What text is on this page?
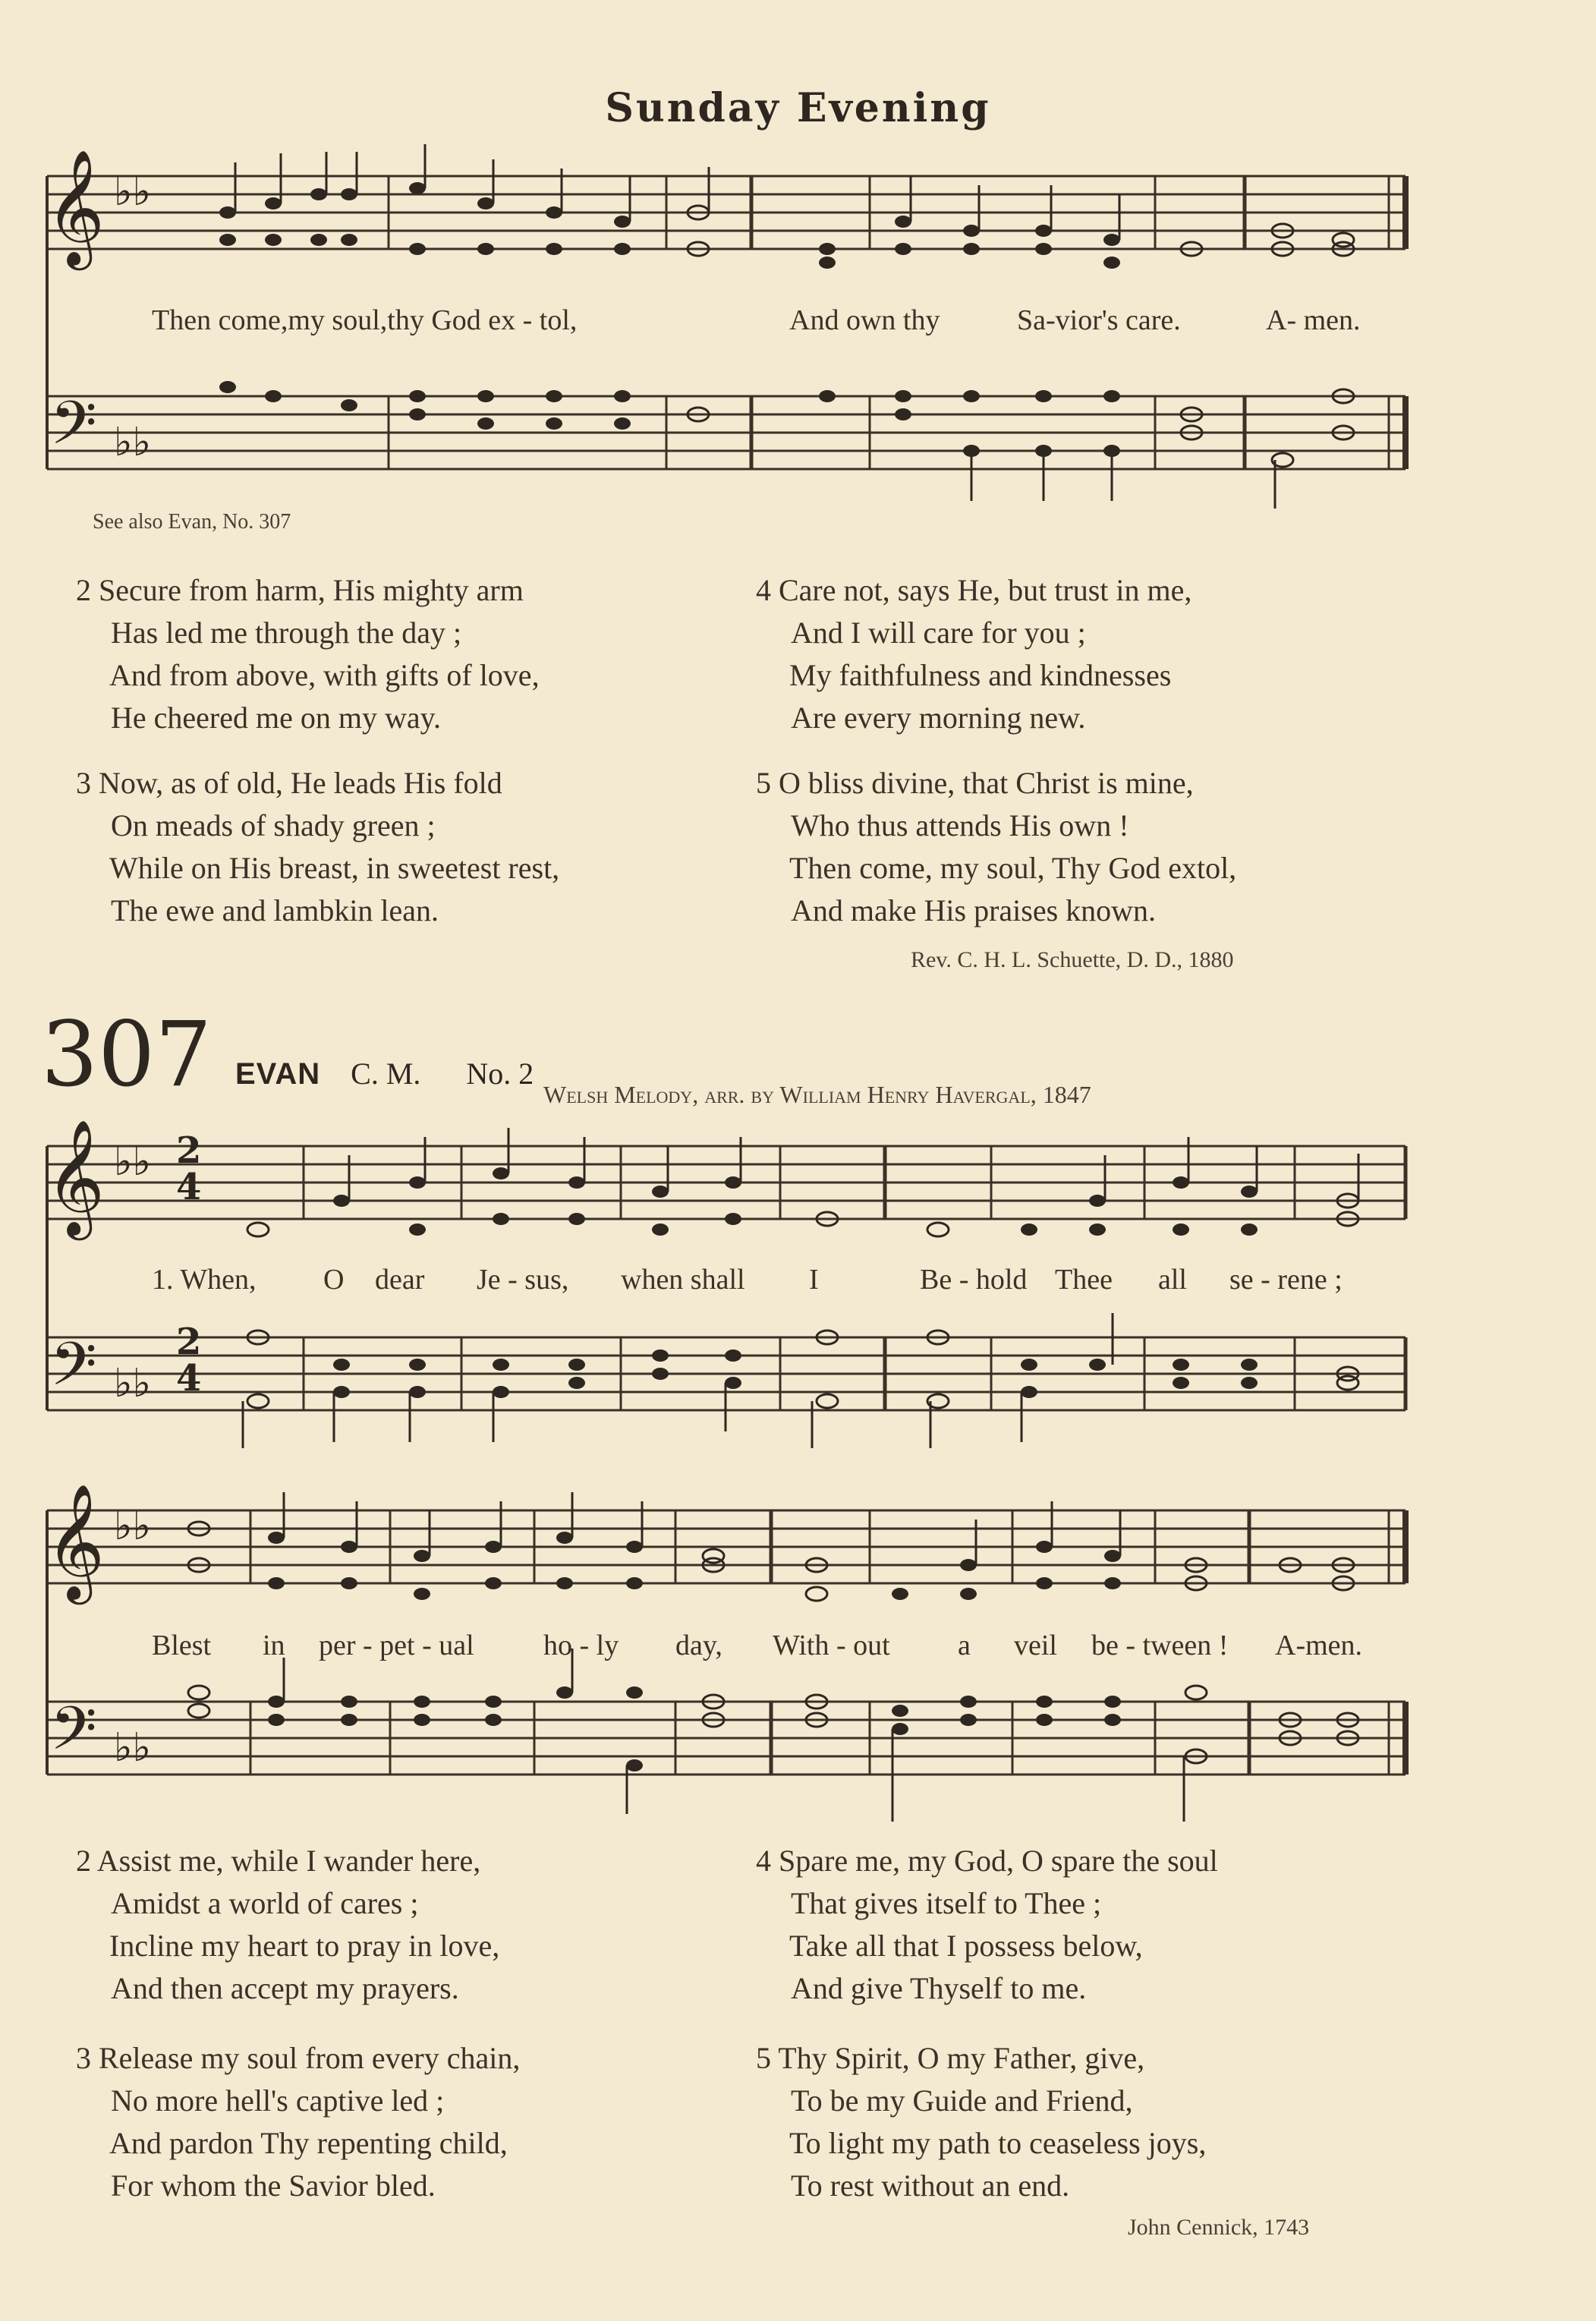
Sunday Evening
𝄞
𝄢
♭♭
♭♭
Then come,my soul,thy God ex - tol,	And own thy	Sa-vior's care.	A- men.
See also Evan, No. 307
2 Secure from harm, His mighty arm
Has led me through the day ;
And from above, with gifts of love,
He cheered me on my way.
3 Now, as of old, He leads His fold
On meads of shady green ;
While on His breast, in sweetest rest,
The ewe and lambkin lean.
4 Care not, says He, but trust in me,
And I will care for you ;
My faithfulness and kindnesses
Are every morning new.
5 O bliss divine, that Christ is mine,
Who thus attends His own !
Then come, my soul, Thy God extol,
And make His praises known.
Rev. C. H. L. Schuette, D. D., 1880
307 EVAN C. M. No. 2

Welsh Melody, arr. by William Henry Havergal, 1847
𝄞
𝄢
♭♭
♭♭
2
4
2
4
1. When, O dear Je - sus, when shall I	Be - hold Thee all se - rene ;
𝄞
𝄢
♭♭
♭♭
Blest in per - pet - ual ho - ly day, With - out a veil be - tween ! A-men.
2 Assist me, while I wander here,
Amidst a world of cares ;
Incline my heart to pray in love,
And then accept my prayers.
3 Release my soul from every chain,
No more hell's captive led ;
And pardon Thy repenting child,
For whom the Savior bled.
4 Spare me, my God, O spare the soul
That gives itself to Thee ;
Take all that I possess below,
And give Thyself to me.
5 Thy Spirit, O my Father, give,
To be my Guide and Friend,
To light my path to ceaseless joys,
To rest without an end.
John Cennick, 1743
